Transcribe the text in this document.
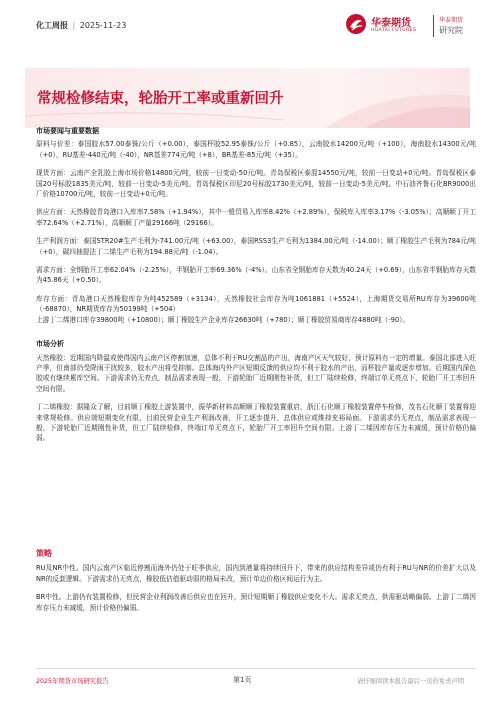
化工周报 | 2025-11-23	华泰期货
HUATAI FUTURES
华泰期货
研究院
常规检修结束，轮胎开工率或重新回升
市场要闻与重要数据

原料与价差：泰国胶水57.00泰铢/公斤（+0.00），泰国杯胶52.95泰铢/公斤（+0.85），云南胶水14200元/吨（+100），海南胶水14300元/吨（+0），RU基差-440元/吨（-40），NR基差774元/吨（+8），BR基差-85元/吨（+35）。

现货方面：云南产全乳胶上海市场价格14800元/吨，较前一日变动-50元/吨。青岛保税区泰混14550元/吨，较前一日变动+0元/吨。青岛保税区泰国20号标胶1835美元/吨，较前一日变动-5美元/吨。青岛保税区印尼20号标胶1730美元/吨，较前一日变动-5美元/吨。中石油齐鲁石化BR9000出厂价格10700元/吨，较前一日变动+0元/吨。

供应方面：天然橡胶青岛港口入库率7.58%（+1.94%），其中一般贸易入库率8.42%（+2.89%），保税库入库率3.17%（-3.05%）；高顺顺丁开工率72.64%（+2.71%），高顺顺丁产量29166吨（29166）。

生产利润方面：泰国STR20#生产毛利为-741.00元/吨（+63.00），泰国RSS3生产毛利为1384.00元/吨（-14.00）；顺丁橡胶生产毛利为784元/吨（+0），碳四抽提法丁二烯生产毛利为194.88元/吨（-1.04）。

需求方面：全钢胎开工率62.04%（-2.25%），半钢胎开工率69.36%（-4%）。山东省全钢胎库存天数为40.24天（+0.69），山东省半钢胎库存天数为45.86天（+0.50）。

库存方面：青岛港口天然橡胶库存为吨452589（+3134），天然橡胶社会库存为吨1061881（+5524），上海期货交易所RU库存为39600吨（-68870），NR期货库存为50199吨（+504）

上游丁二烯港口库存39800吨（+10800）；顺丁橡胶生产企业库存26630吨（+780）；顺丁橡胶贸易商库存4880吨（-90）。

市场分析

天然橡胶：近期国内降温或使得国内云南产区停割加速，总体不利于RU交割品的产出，海南产区天气较好，预计原料有一定的增量。泰国北部进入旺产季，但南部仍受降雨干扰较多，胶水产出将受抑制。总体海内外产区短期反馈的供应均不利于胶水的产出，而杯胶产量或逐步增加。后期国内深色胶或有继续累库空间。下游需求仍无亮点，制品需求表现一般，下游轮胎厂近期刚性补货，但工厂陆续检修，终端订单无亮点下，轮胎厂开工率回升空间有限。

丁二烯橡胶：据隆众了解，目前顺丁橡胶上游装置中，振华新材料高顺顺丁橡胶装置重启，浙江石化顺丁橡胶装置停车检修，茂名石化顺丁装置将迎来常规检修。供应端短期变化有限，目前民营企业生产利润改善，开工逐步提升，总体供应或维持充裕局面。下游需求仍无亮点，制品需求表现一般，下游轮胎厂近期刚性补货，但工厂陆续检修，终端订单无亮点下，轮胎厂开工率回升空间有限。上游丁二烯因库存压力未减缓，预计价格仍偏弱。

策略

RU及NR中性。国内云南产区临近停割而海外仍处于旺季供应，国内到港量将持续回升下，带来的供应结构差异或仍有利于RU与NR的价差扩大以及NR的反套逻辑。下游需求仍无亮点，橡胶低估值驱动弱的格局未改，预计单边价格区间运行为主。

BR中性。上游仍有装置检修，但民营企业利润改善后供应也在回升，预计短期顺丁橡胶供应变化不大。需求无亮点，供需驱动略偏弱。上游丁二烯因库存压力未减缓，预计价格仍偏弱。

2025年期货市场研究报告	第1页	请仔细阅读本报告最后一页的免责声明
